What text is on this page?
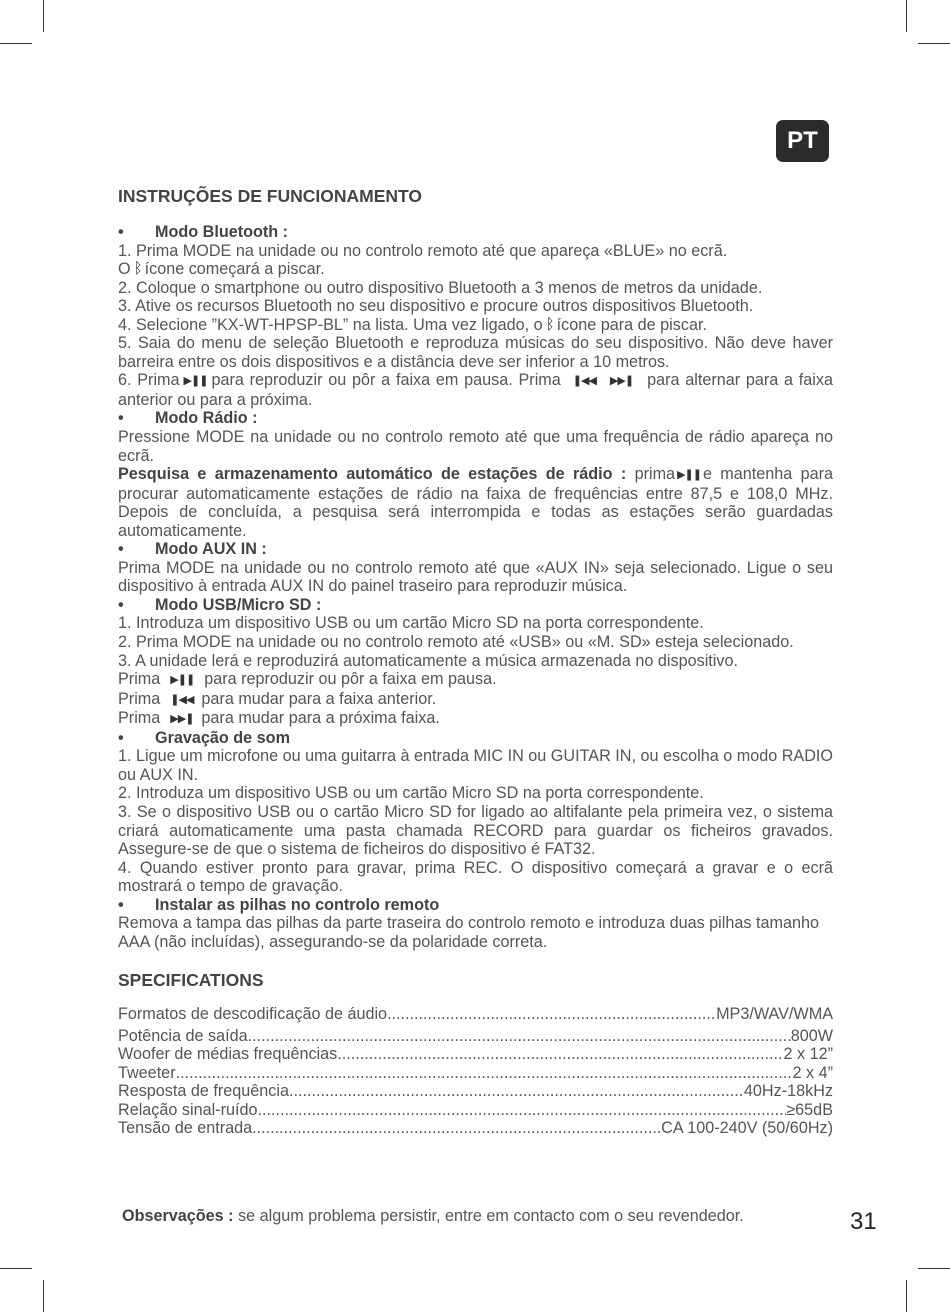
PT

INSTRUÇÕES DE FUNCIONAMENTO

• Modo Bluetooth :

1. Prima MODE na unidade ou no controlo remoto até que apareça «BLUE» no ecrã.

O ᛒ ícone começará a piscar.

2. Coloque o smartphone ou outro dispositivo Bluetooth a 3 menos de metros da unidade.

3. Ative os recursos Bluetooth no seu dispositivo e procure outros dispositivos Bluetooth.

4. Selecione ”KX-WT-HPSP-BL” na lista. Uma vez ligado, o ᛒ ícone para de piscar.

5. Saia do menu de seleção Bluetooth e reproduza músicas do seu dispositivo. Não deve haver barreira entre os dois dispositivos e a distância deve ser inferior a 10 metros.

6. Prima ▶❚❚ para reproduzir ou pôr a faixa em pausa. Prima ❚◀◀ ▶▶❚ para alternar para a faixa anterior ou para a próxima.

• Modo Rádio :

Pressione MODE na unidade ou no controlo remoto até que uma frequência de rádio apareça no ecrã.

Pesquisa e armazenamento automático de estações de rádio : prima ▶❚❚ e mantenha para procurar automaticamente estações de rádio na faixa de frequências entre 87,5 e 108,0 MHz. Depois de concluída, a pesquisa será interrompida e todas as estações serão guardadas automaticamente.

• Modo AUX IN :

Prima MODE na unidade ou no controlo remoto até que «AUX IN» seja selecionado. Ligue o seu dispositivo à entrada AUX IN do painel traseiro para reproduzir música.

• Modo USB/Micro SD :

1. Introduza um dispositivo USB ou um cartão Micro SD na porta correspondente.

2. Prima MODE na unidade ou no controlo remoto até «USB» ou «M. SD» esteja selecionado.

3. A unidade lerá e reproduzirá automaticamente a música armazenada no dispositivo.

Prima ▶❚❚ para reproduzir ou pôr a faixa em pausa.

Prima ❚◀◀ para mudar para a faixa anterior.

Prima ▶▶❚ para mudar para a próxima faixa.

• Gravação de som

1. Ligue um microfone ou uma guitarra à entrada MIC IN ou GUITAR IN, ou escolha o modo RADIO ou AUX IN.

2. Introduza um dispositivo USB ou um cartão Micro SD na porta correspondente.

3. Se o dispositivo USB ou o cartão Micro SD for ligado ao altifalante pela primeira vez, o sistema criará automaticamente uma pasta chamada RECORD para guardar os ficheiros gravados. Assegure-se de que o sistema de ficheiros do dispositivo é FAT32.

4. Quando estiver pronto para gravar, prima REC. O dispositivo começará a gravar e o ecrã mostrará o tempo de gravação.

• Instalar as pilhas no controlo remoto

Remova a tampa das pilhas da parte traseira do controlo remoto e introduza duas pilhas tamanho AAA (não incluídas), assegurando-se da polaridade correta.

SPECIFICATIONS

Formatos de descodificação de áudio .....	MP3/WAV/WMA
Potência de saída .....	800W
Woofer de médias frequências .....	2 x 12”
Tweeter .....	2 x 4”
Resposta de frequência .....	40Hz-18kHz
Relação sinal-ruído .....	≥65dB
Tensão de entrada .....	CA 100-240V (50/60Hz)

Observações : se algum problema persistir, entre em contacto com o seu revendedor.	31
